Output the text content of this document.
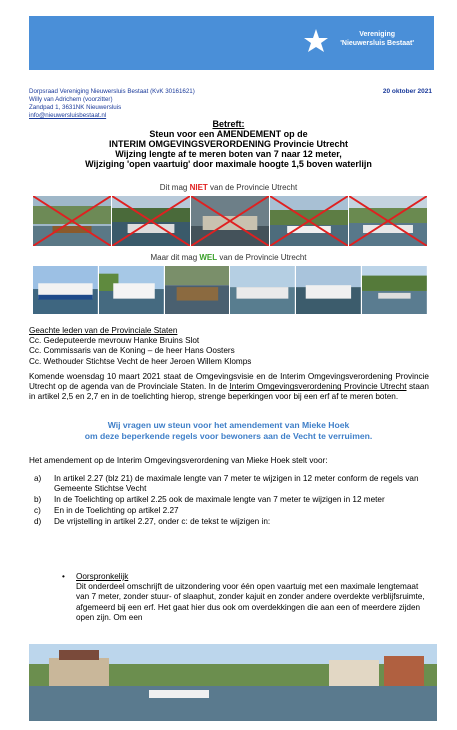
Vereniging
'Nieuwersluis Bestaat'
Dorpsraad Vereniging Nieuwersluis Bestaat (KvK 30161621)
Willy van Adrichem (voorzitter)
Zandpad 1, 3631NK Nieuwersluis
info@nieuwersluisbestaat.nl
20 oktober 2021
Betreft:
Steun voor een AMENDEMENT op de
INTERIM OMGEVINGSVERORDENING Provincie Utrecht
Wijzing lengte af te meren boten van 7 naar 12 meter,
Wijziging 'open vaartuig' door maximale hoogte 1,5 boven waterlijn
Dit mag NIET van de Provincie Utrecht
Maar dit mag WEL van de Provincie Utrecht
Geachte leden van de Provinciale Staten
Cc. Gedeputeerde mevrouw Hanke Bruins Slot
Cc. Commissaris van de Koning – de heer Hans Oosters
Cc. Wethouder Stichtse Vecht de heer Jeroen Willem Klomps
Komende woensdag 10 maart 2021 staat de Omgevingsvisie en de Interim Omgevingsverordening Provincie Utrecht op de agenda van de Provinciale Staten. In de Interim Omgevingsverordening Provincie Utrecht staan in artikel 2,5 en 2,7 en in de toelichting hierop, strenge beperkingen voor bij een erf af te meren boten.
Wij vragen uw steun voor het amendement van Mieke Hoek
om deze beperkende regels voor bewoners aan de Vecht te verruimen.
Het amendement op de Interim Omgevingsverordening van Mieke Hoek stelt voor:
a)	In artikel 2.27 (blz 21) de maximale lengte van 7 meter te wijzigen in 12 meter conform de regels van Gemeente Stichtse Vecht
b)	In de Toelichting op artikel 2.25 ook de maximale lengte van 7 meter te wijzigen in 12 meter
c)	En in de Toelichting op artikel 2.27
d)	De vrijstelling in artikel 2.27, onder c: de tekst te wijzigen in:
• Oorspronkelijk
Dit onderdeel omschrijft de uitzondering voor één open vaartuig met een maximale lengtemaat van 7 meter, zonder stuur- of slaaphut, zonder kajuit en zonder andere overdekte verblijfsruimte, afgemeerd bij een erf. Het gaat hier dus ook om overdekkingen die aan een of meerdere zijden open zijn. Om een
